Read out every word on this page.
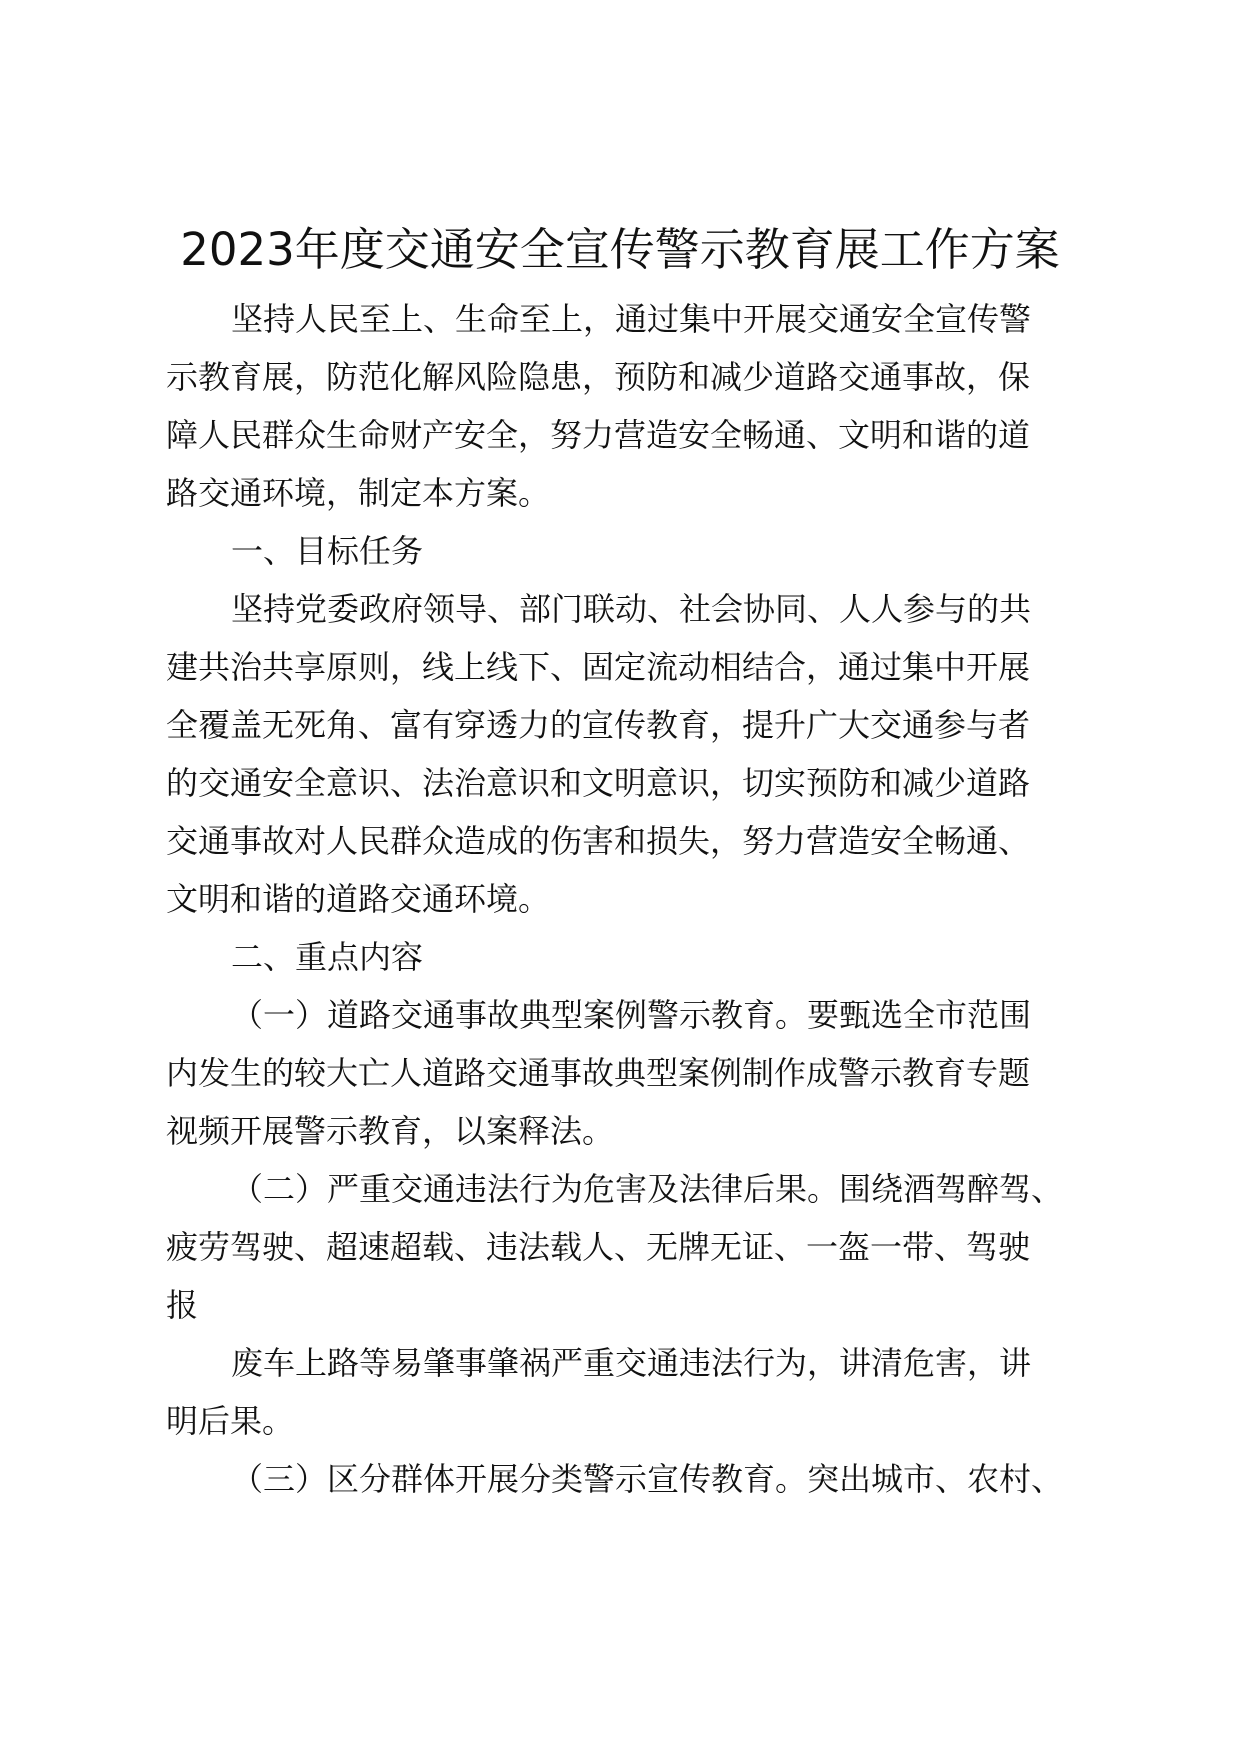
2023年度交通安全宣传警示教育展工作方案

坚持人民至上、生命至上，通过集中开展交通安全宣传警

示教育展，防范化解风险隐患，预防和减少道路交通事故，保

障人民群众生命财产安全，努力营造安全畅通、文明和谐的道

路交通环境，制定本方案。

一、目标任务

坚持党委政府领导、部门联动、社会协同、人人参与的共

建共治共享原则，线上线下、固定流动相结合，通过集中开展

全覆盖无死角、富有穿透力的宣传教育，提升广大交通参与者

的交通安全意识、法治意识和文明意识，切实预防和减少道路

交通事故对人民群众造成的伤害和损失，努力营造安全畅通、

文明和谐的道路交通环境。

二、重点内容

（一）道路交通事故典型案例警示教育。要甄选全市范围

内发生的较大亡人道路交通事故典型案例制作成警示教育专题

视频开展警示教育，以案释法。

（二）严重交通违法行为危害及法律后果。围绕酒驾醉驾、

疲劳驾驶、超速超载、违法载人、无牌无证、一盔一带、驾驶

报

废车上路等易肇事肇祸严重交通违法行为，讲清危害，讲

明后果。

（三）区分群体开展分类警示宣传教育。突出城市、农村、
